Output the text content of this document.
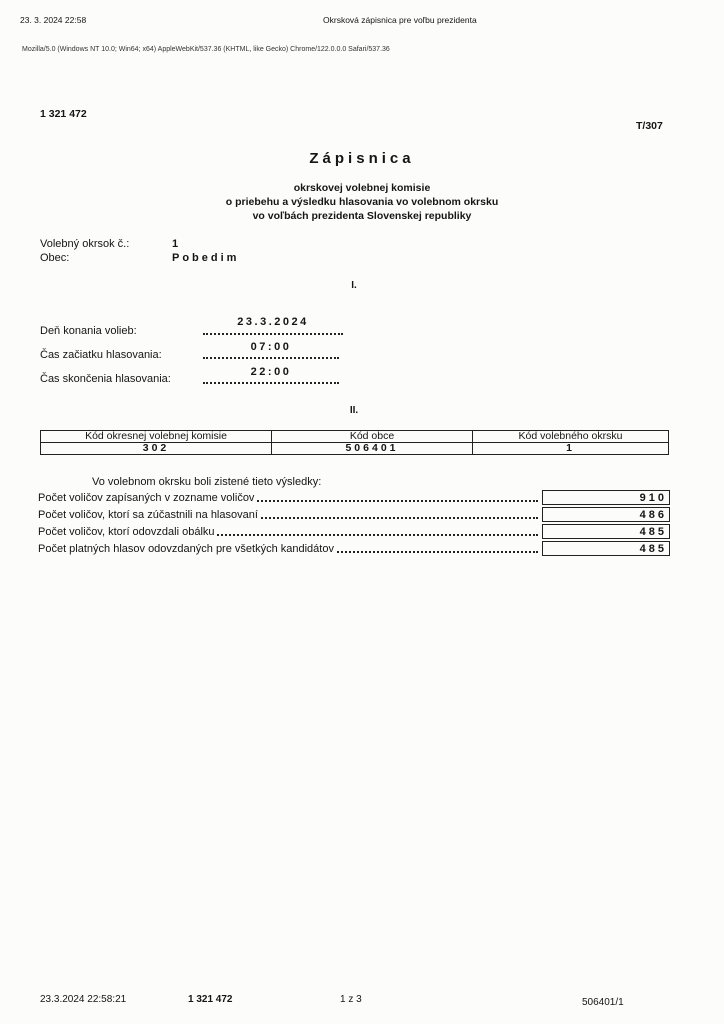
23. 3. 2024 22:58	Okrsková zápisnica pre voľbu prezidenta
Mozilla/5.0 (Windows NT 10.0; Win64; x64) AppleWebKit/537.36 (KHTML, like Gecko) Chrome/122.0.0.0 Safari/537.36
1 321 472
T/307
Zápisnica
okrskovej volebnej komisie
o priebehu a výsledku hlasovania vo volebnom okrsku
vo voľbách prezidenta Slovenskej republiky
Volebný okrsok č.:	1
Obec:	Pobedim
I.
Deň konania volieb:
23.3.2024
Čas začiatku hlasovania:
07:00
Čas skončenia hlasovania:
22:00
II.
Kód okresnej volebnej komisie	Kód obce	Kód volebného okrsku
302	506401	1
Vo volebnom okrsku boli zistené tieto výsledky:
Počet voličov zapísaných v zozname voličov	910
Počet voličov, ktorí sa zúčastnili na hlasovaní	486
Počet voličov, ktorí odovzdali obálku	485
Počet platných hlasov odovzdaných pre všetkých kandidátov	485
23.3.2024 22:58:21	1 321 472	1 z 3	506401/1
